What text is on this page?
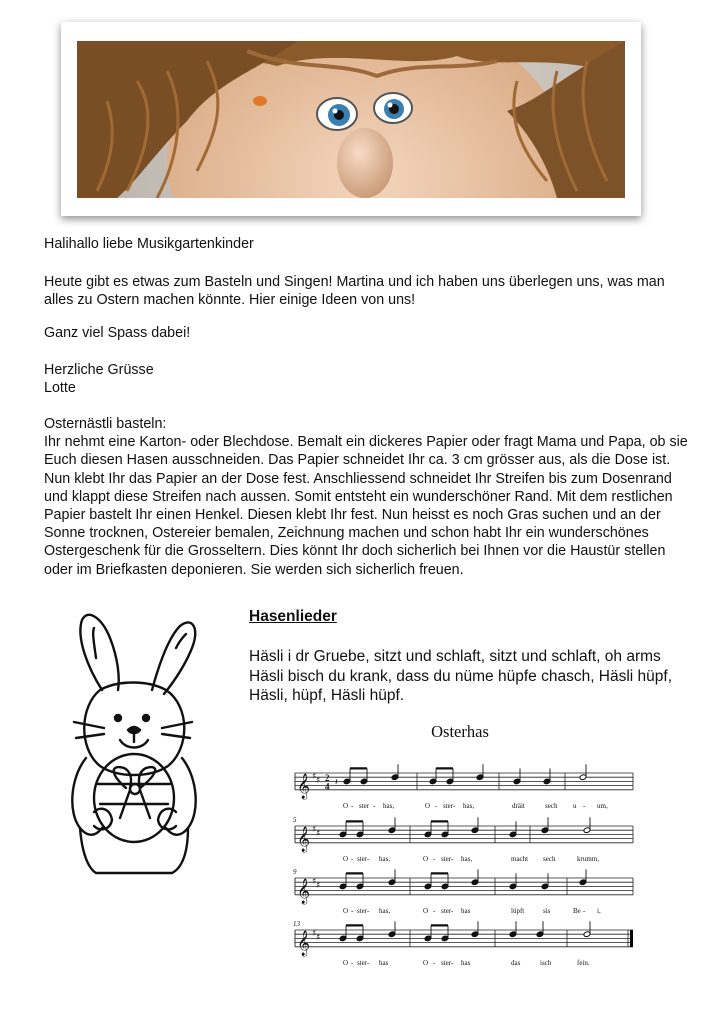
Halihallo liebe Musikgartenkinder
Heute gibt es etwas zum Basteln und Singen! Martina und ich haben uns überlegen uns, was man alles zu Ostern machen könnte. Hier einige Ideen von uns!
Ganz viel Spass dabei!

Herzliche Grüsse

Lotte

Osternästli basteln:

Ihr nehmt eine Karton- oder Blechdose. Bemalt ein dickeres Papier oder fragt Mama und Papa, ob sie Euch diesen Hasen ausschneiden. Das Papier schneidet Ihr ca. 3 cm grösser aus, als die Dose ist. Nun klebt Ihr das Papier an der Dose fest. Anschliessend schneidet Ihr Streifen bis zum Dosenrand und klappt diese Streifen nach aussen. Somit entsteht ein wunderschöner Rand. Mit dem restlichen Papier bastelt Ihr einen Henkel. Diesen klebt Ihr fest. Nun heisst es noch Gras suchen und an der Sonne trocknen, Ostereier bemalen, Zeichnung machen und schon habt Ihr ein wunderschönes Ostergeschenk für die Grosseltern. Dies könnt Ihr doch sicherlich bei Ihnen vor die Haustür stellen oder im Briefkasten deponieren. Sie werden sich sicherlich freuen.

Hasenlieder
Häsli i dr Gruebe, sitzt und schlaft, sitzt und schlaft, oh arms Häsli bisch du krank, dass du nüme hüpfe chasch, Häsli hüpf, Häsli, hüpf, Häsli hüpf.
Osterhas
𝄞 ♯ ♯ 2
4 𝄽
O - ster - has,	O - ster - has,	dräit	sech u - um,
𝄞 ♯ ♯
5
O - ster - has,	O - ster - has,	macht sech	krumm,
𝄞 ♯ ♯
9
O - ster - has,	O - ster - has	lüpft	sis	Be - i,
𝄞 ♯ ♯
13
O - ster - has	O - ster - has	das	isch	fein.
